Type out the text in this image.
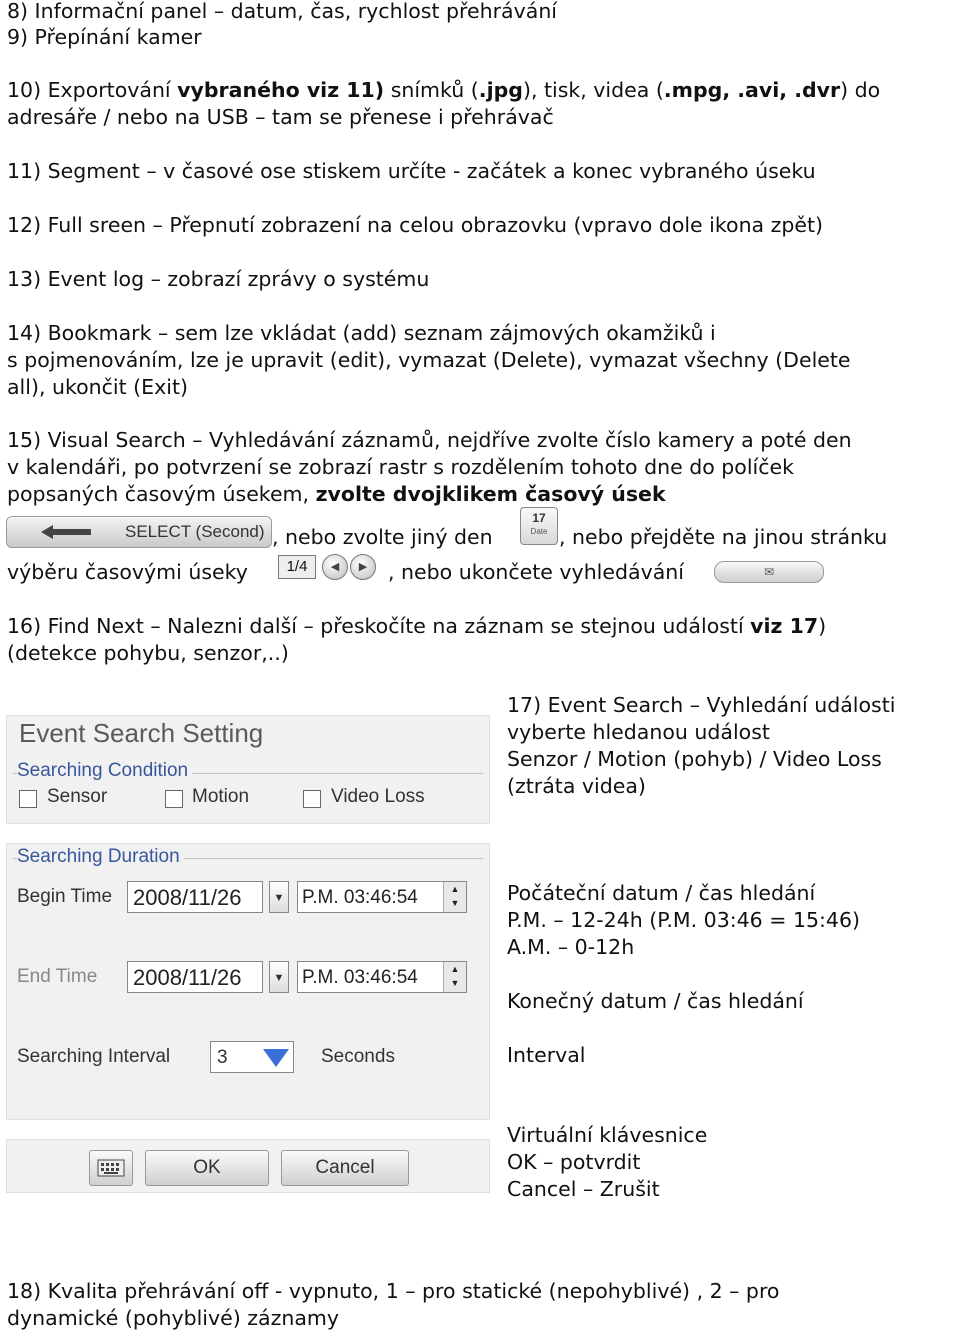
8) Informační panel – datum, čas, rychlost přehrávání
9) Přepínání kamer
10) Exportování vybraného viz 11) snímků (.jpg), tisk, videa (.mpg, .avi, .dvr) do
adresáře / nebo na USB – tam se přenese i přehrávač
11) Segment – v časové ose stiskem určíte - začátek a konec vybraného úseku
12) Full sreen – Přepnutí zobrazení na celou obrazovku (vpravo dole ikona zpět)
13) Event log – zobrazí zprávy o systému
14) Bookmark – sem lze vkládat (add) seznam zájmových okamžiků i
s pojmenováním, lze je upravit (edit), vymazat (Delete), vymazat všechny (Delete
all), ukončit (Exit)
15) Visual Search – Vyhledávání záznamů, nejdříve zvolte číslo kamery a poté den
v kalendáři, po potvrzení se zobrazí rastr s rozdělením tohoto dne do políček
popsaných časovým úsekem, zvolte dvojklikem časový úsek
SELECT (Second) , nebo zvolte jiný den
17
Date , nebo přejděte na jinou stránku
výběru časovými úseky	1/4	◀	▶	, nebo ukončete vyhledávání	✉
16) Find Next – Nalezni další – přeskočíte na záznam se stejnou událostí viz 17)
(detekce pohybu, senzor,..)
17) Event Search – Vyhledání události
vyberte hledanou událost
Senzor / Motion (pohyb) / Video Loss
(ztráta videa)
Počáteční datum / čas hledání
P.M. – 12-24h (P.M. 03:46 = 15:46)
A.M. – 0-12h
Konečný datum / čas hledání
Interval
Virtuální klávesnice
OK – potvrdit
Cancel – Zrušit
Event Search Setting
Searching Condition
Sensor	Motion	Video Loss
Searching Duration
Begin Time 2008/11/26	▼ P.M. 03:46:54	▲
▼
End Time 2008/11/26	▼ P.M. 03:46:54	▲
▼
Searching Interval	3	Seconds
OK	Cancel
18) Kvalita přehrávání off - vypnuto, 1 – pro statické (nepohyblivé) , 2 – pro
dynamické (pohyblivé) záznamy
